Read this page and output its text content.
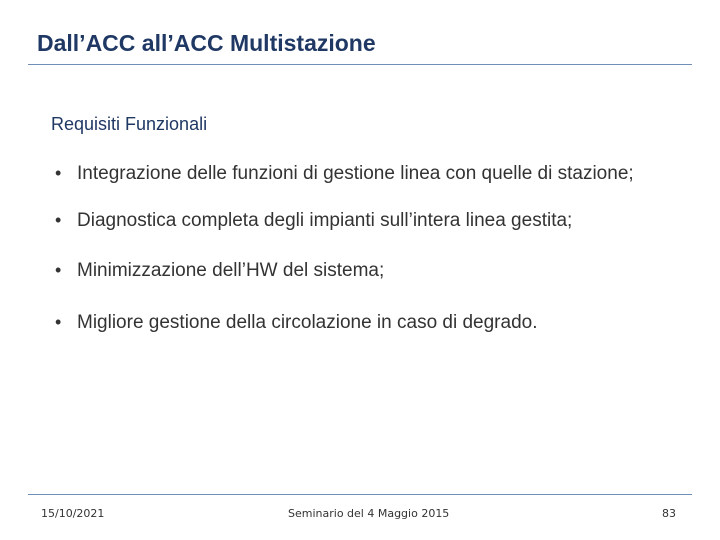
Dall’ACC all’ACC Multistazione
Requisiti Funzionali
• Integrazione delle funzioni di gestione linea con quelle di stazione;
• Diagnostica completa degli impianti sull’intera linea gestita;
• Minimizzazione dell’HW del sistema;
• Migliore gestione della circolazione in caso di degrado.
15/10/2021	Seminario del 4 Maggio 2015	83
